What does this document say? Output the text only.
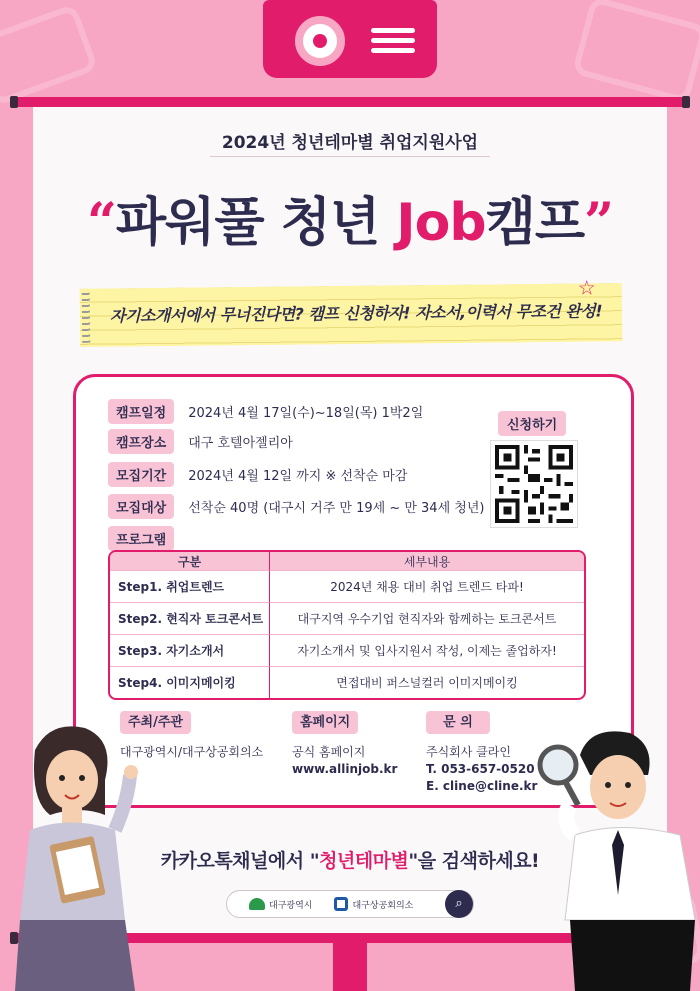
2024년 청년테마별 취업지원사업
“파워풀 청년 Job캠프”
자기소개서에서 무너진다면? 캠프 신청하자! 자소서,이력서 무조건 완성!
☆
캠프일정	2024년 4월 17일(수)~18일(목) 1박2일
캠프장소	대구 호텔아젤리아
모집기간	2024년 4월 12일 까지 ※ 선착순 마감
모집대상	선착순 40명 (대구시 거주 만 19세 ~ 만 34세 청년)
프로그램
신청하기
구분	세부내용
Step1. 취업트렌드	2024년 채용 대비 취업 트렌드 타파!
Step2. 현직자 토크콘서트	대구지역 우수기업 현직자와 함께하는 토크콘서트
Step3. 자기소개서	자기소개서 및 입사지원서 작성, 이제는 졸업하자!
Step4. 이미지메이킹	면접대비 퍼스널컬러 이미지메이킹
주최/주관
대구광역시/대구상공회의소
홈페이지
공식 홈페이지
www.allinjob.kr
문 의
주식회사 클라인
T. 053-657-0520
E. cline@cline.kr
카카오톡채널에서 "청년테마별"을 검색하세요!
대구광역시	대구상공회의소	⌕
